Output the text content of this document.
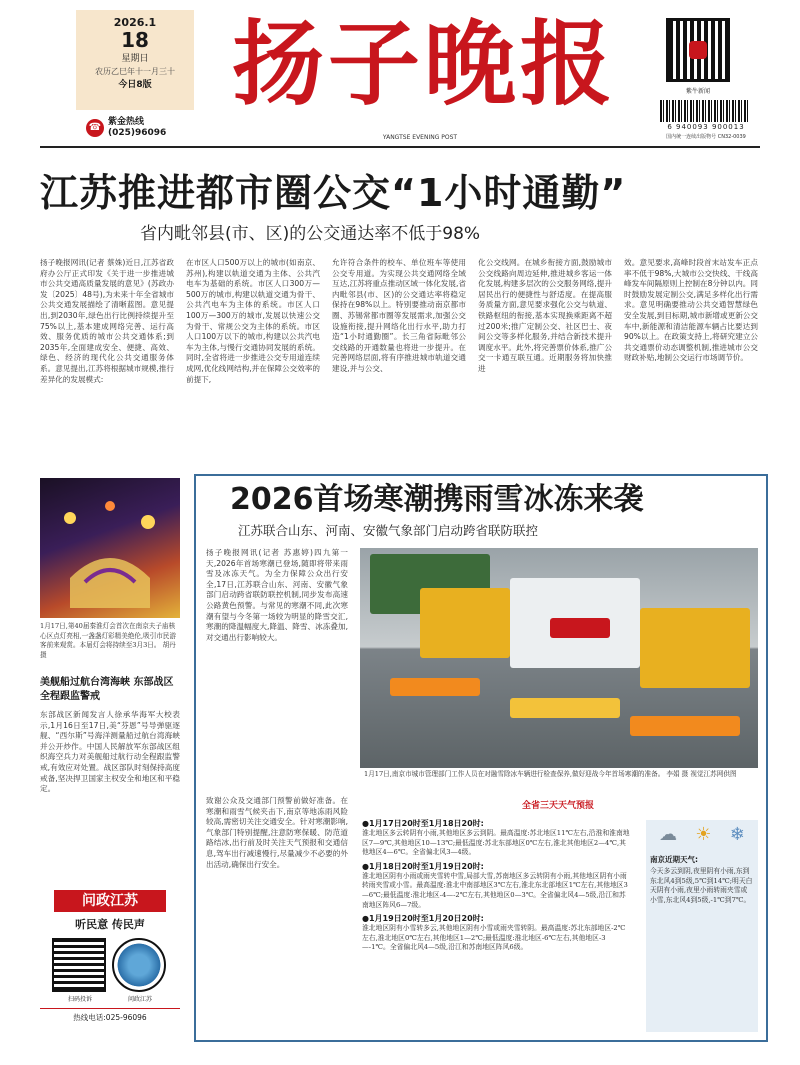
2026.1
18
星期日
农历乙巳年十一月三十
今日8版
☎ 紫金热线
(025)96096
扬子晚报
YANGTSE EVENING POST
紫牛新闻
6 940093 900013
国内统一连续出版物号 CN32-0039
江苏推进都市圈公交“1小时通勤”
省内毗邻县(市、区)的公交通达率不低于98%
扬子晚报网讯(记者 蔡姝)近日,江苏省政府办公厅正式印发《关于进一步推进城市公共交通高质量发展的意见》(苏政办发〔2025〕48号),为未来十年全省城市公共交通发展描绘了清晰蓝图。意见提出,到2030年,绿色出行比例持续提升至75%以上,基本建成网络完善、运行高效、服务优质的城市公共交通体系;到2035年,全面建成安全、便捷、高效、绿色、经济的现代化公共交通服务体系。意见提出,江苏将根据城市规模,推行差异化的发展模式:
在市区人口500万以上的城市(如南京、苏州),构建以轨道交通为主体、公共汽电车为基础的系统。市区人口300万—500万的城市,构建以轨道交通为骨干、公共汽电车为主体的系统。市区人口100万—300万的城市,发展以快速公交为骨干、常规公交为主体的系统。市区人口100万以下的城市,构建以公共汽电车为主体,与慢行交通协同发展的系统。同时,全省将进一步推进公交专用道连续成网,优化线网结构,并在保障公交效率的前提下,
允许符合条件的校车、单位班车等使用公交专用道。为实现公共交通网络全域互达,江苏将重点推动区域一体化发展,省内毗邻县(市、区)的公交通达率将稳定保持在98%以上。特别要推动南京都市圈、苏锡常都市圈等发展需求,加强公交设施衔接,提升网络化出行水平,助力打造“1小时通勤圈”。长三角省际毗邻公交线路的开通数量也将进一步提升。在完善网络层面,将有序推进城市轨道交通建设,并与公交、
化公交线网。在城乡衔接方面,鼓励城市公交线路向周边延伸,推进城乡客运一体化发展,构建多层次的公交服务网络,提升居民出行的便捷性与舒适度。在提高服务质量方面,意见要求强化公交与轨道、铁路枢纽的衔接,基本实现换乘距离不超过200米;推广定制公交、社区巴士、夜间公交等多样化服务,并结合新技术提升调度水平。此外,将完善票价体系,推广公交一卡通互联互通。近期服务将加快推进
效。意见要求,高峰时段首末站发车正点率不低于98%,大城市公交快线、干线高峰发车间隔原则上控制在8分钟以内。同时鼓励发展定制公交,满足多样化出行需求。意见明确要推动公共交通智慧绿色安全发展,到目标期,城市新增或更新公交车中,新能源和清洁能源车辆占比要达到90%以上。在政策支持上,将研究建立公共交通票价动态调整机制,推进城市公交财政补贴,地制公交运行市场调节价。
1月17日,第40届秦淮灯会首次在南京夫子庙核心区点灯亮相,一盏盏灯彩精美绝伦,吸引市民游客前来观赏。本届灯会将持续至3月3日。 胡丹 摄
美舰船过航台湾海峡 东部战区全程跟监警戒
东部战区新闻发言人徐承华海军大校表示,1月16日至17日,美“芬恩”号导弹驱逐舰、“西尔斯”号海洋测量船过航台湾海峡并公开炒作。中国人民解放军东部战区组织海空兵力对美舰船过航行动全程跟监警戒,有效应对处置。战区部队时刻保持高度戒备,坚决捍卫国家主权安全和地区和平稳定。
问政江苏
听民意 传民声
扫码投诉	问政江苏
热线电话:025-96096
2026首场寒潮携雨雪冰冻来袭
江苏联合山东、河南、安徽气象部门启动跨省联防联控
扬子晚报网讯(记者 苏惠婷)四九第一天,2026年首场寒潮已登场,随即将带来雨雪及冰冻天气。为全力保障公众出行安全,17日,江苏联合山东、河南、安徽气象部门启动跨省联防联控机制,同步发布高速公路黄色预警。与常见的寒潮不同,此次寒潮有望与今冬第一场较为明显的降雪交汇,寒潮的降温幅度大,降温、降雪、冰冻叠加,对交通出行影响较大。
1月17日,南京市城市管理部门工作人员在对融雪除冰车辆进行检查保养,做好迎战今年首场寒潮的准备。 李娟 摄 视觉江苏网供图
致谢公众及交通部门预警前做好准备。在寒潮和雨雪气候夹击下,南京等地冻雨风险较高,需密切关注交通安全。针对寒潮影响,气象部门特别提醒,注意防寒保暖、防范道路结冰,出行前及时关注天气预报和交通信息,驾车出行减速慢行,尽量减少不必要的外出活动,确保出行安全。
全省三天天气预报
●1月17日20时至1月18日20时:
淮北地区多云转阴有小雨,其他地区多云到阴。最高温度:苏北地区11℃左右,沿淮和淮南地区7—9℃,其他地区10—13℃;最低温度:苏北东部地区0℃左右,淮北其他地区2—4℃,其他地区4—6℃。全省偏北风3—4级。
●1月18日20时至1月19日20时:
淮北地区阴有小雨或雨夹雪转中雪,局部大雪,苏南地区多云转阴有小雨,其他地区阴有小雨转雨夹雪或小雪。最高温度:淮北中南部地区3℃左右,淮北东北部地区1℃左右,其他地区3—6℃;最低温度:淮北地区-4—-2℃左右,其他地区0—3℃。全省偏北风4—5级,沿江和苏南地区阵风6—7级。
●1月19日20时至1月20日20时:
淮北地区阴有小雪转多云,其他地区阴有小雪或雨夹雪转阴。最高温度:苏北东部地区-2℃左右,淮北地区0℃左右,其他地区1—2℃;最低温度:淮北地区-6℃左右,其他地区-3—-1℃。全省偏北风4—5级,沿江和苏南地区阵风6级。
☁ ☀ ❄
南京近期天气:
今天多云到阴,夜里阴有小雨,东到东北风4到5级,5℃到14℃;明天白天阴有小雨,夜里小雨转雨夹雪或小雪,东北风4到5级,-1℃到7℃。
